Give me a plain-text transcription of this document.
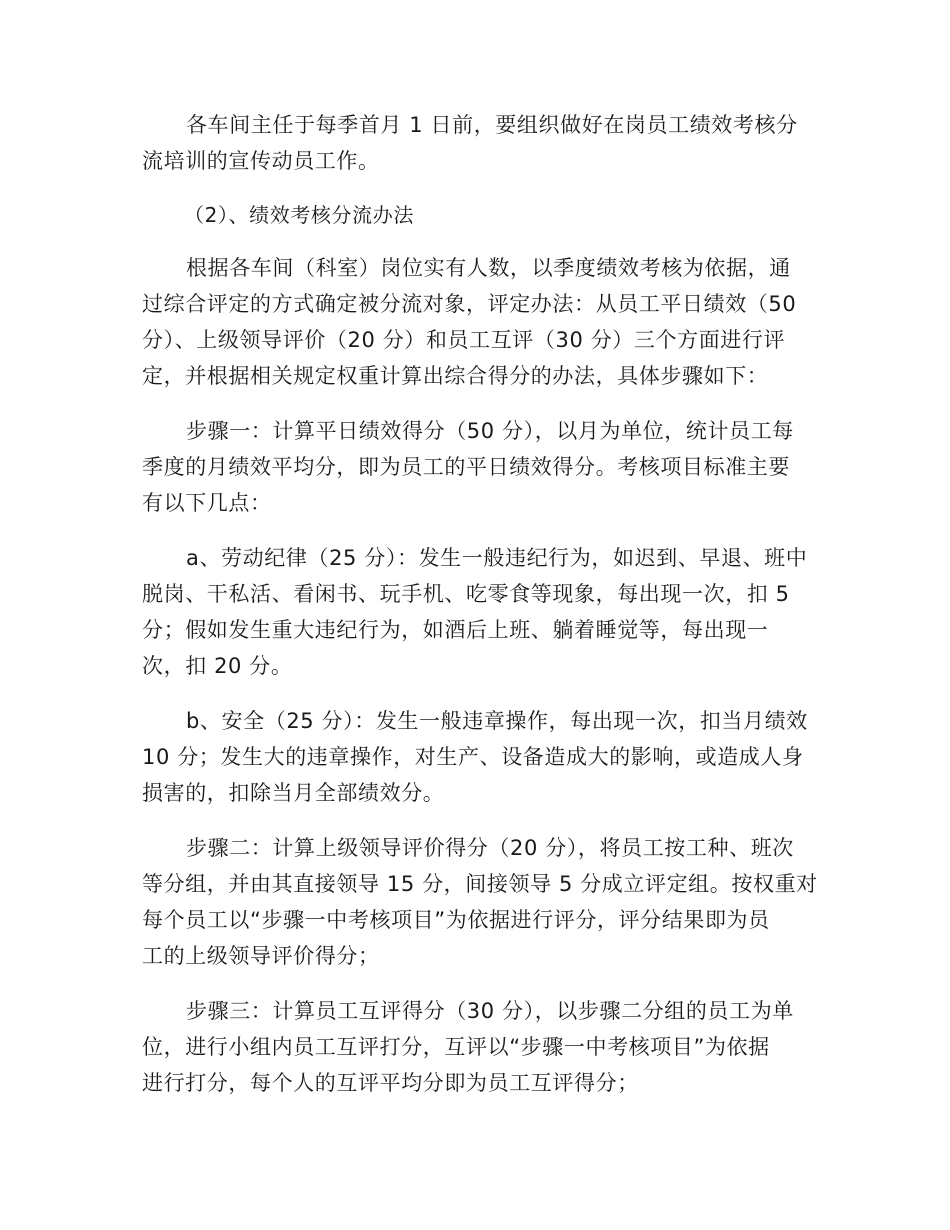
各车间主任于每季首月 1 日前，要组织做好在岗员工绩效考核分
流培训的宣传动员工作。
（2）、绩效考核分流办法
根据各车间（科室）岗位实有人数，以季度绩效考核为依据，通
过综合评定的方式确定被分流对象，评定办法：从员工平日绩效（50
分）、上级领导评价（20 分）和员工互评（30 分）三个方面进行评
定，并根据相关规定权重计算出综合得分的办法，具体步骤如下：
步骤一：计算平日绩效得分（50 分），以月为单位，统计员工每
季度的月绩效平均分，即为员工的平日绩效得分。考核项目标准主要
有以下几点：
a、劳动纪律（25 分）：发生一般违纪行为，如迟到、早退、班中
脱岗、干私活、看闲书、玩手机、吃零食等现象，每出现一次，扣 5
分；假如发生重大违纪行为，如酒后上班、躺着睡觉等，每出现一
次，扣 20 分。
b、安全（25 分）：发生一般违章操作，每出现一次，扣当月绩效
10 分；发生大的违章操作，对生产、设备造成大的影响，或造成人身
损害的，扣除当月全部绩效分。
步骤二：计算上级领导评价得分（20 分），将员工按工种、班次
等分组，并由其直接领导 15 分，间接领导 5 分成立评定组。按权重对
每个员工以“步骤一中考核项目”为依据进行评分，评分结果即为员
工的上级领导评价得分；
步骤三：计算员工互评得分（30 分），以步骤二分组的员工为单
位，进行小组内员工互评打分，互评以“步骤一中考核项目”为依据
进行打分，每个人的互评平均分即为员工互评得分；
